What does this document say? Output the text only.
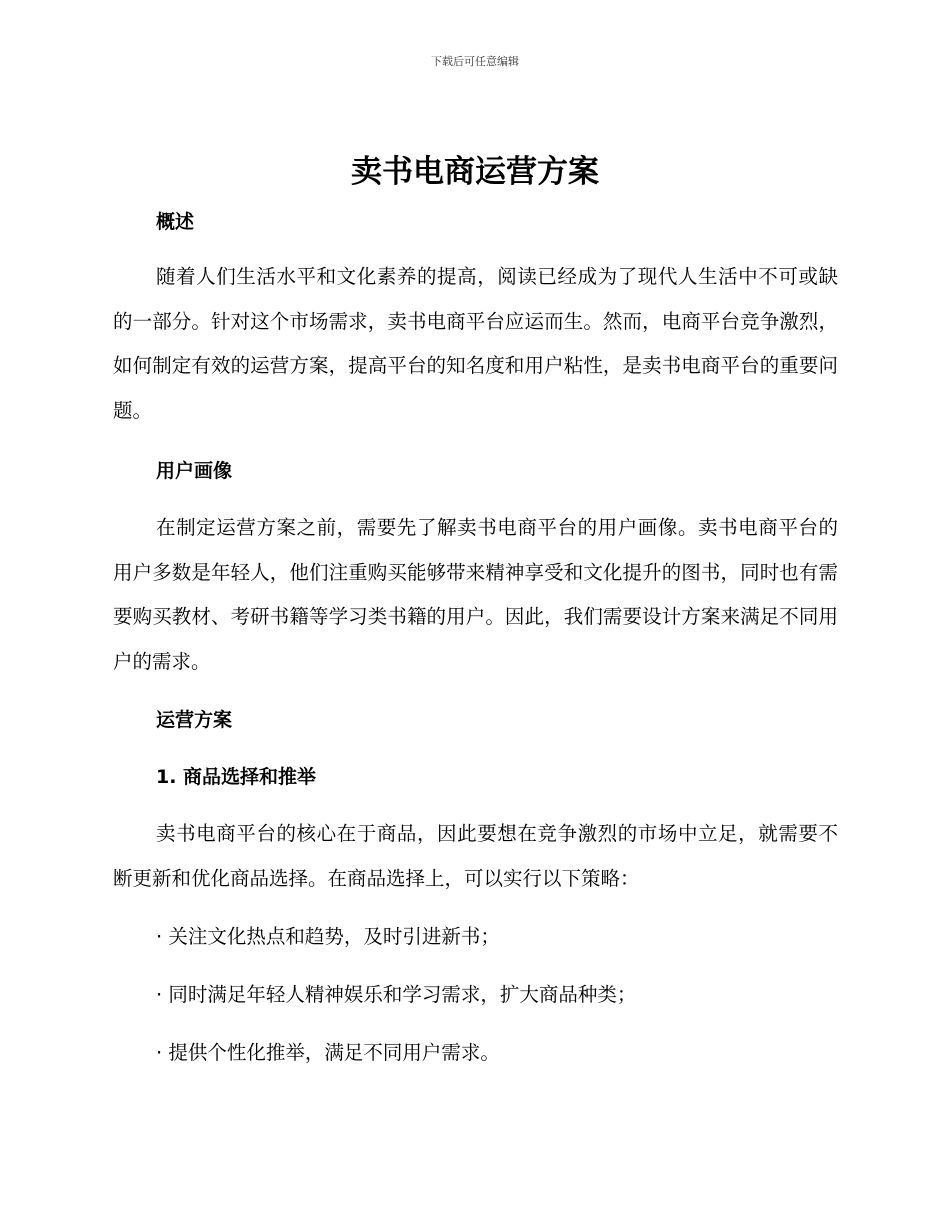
下载后可任意编辑
卖书电商运营方案
概述

随着人们生活水平和文化素养的提高，阅读已经成为了现代人生活中不可或缺的一部分。针对这个市场需求，卖书电商平台应运而生。然而，电商平台竞争激烈，如何制定有效的运营方案，提高平台的知名度和用户粘性，是卖书电商平台的重要问题。

用户画像

在制定运营方案之前，需要先了解卖书电商平台的用户画像。卖书电商平台的用户多数是年轻人，他们注重购买能够带来精神享受和文化提升的图书，同时也有需要购买教材、考研书籍等学习类书籍的用户。因此，我们需要设计方案来满足不同用户的需求。

运营方案
1. 商品选择和推举

卖书电商平台的核心在于商品，因此要想在竞争激烈的市场中立足，就需要不断更新和优化商品选择。在商品选择上，可以实行以下策略：

· 关注文化热点和趋势，及时引进新书；

· 同时满足年轻人精神娱乐和学习需求，扩大商品种类；

· 提供个性化推举，满足不同用户需求。
